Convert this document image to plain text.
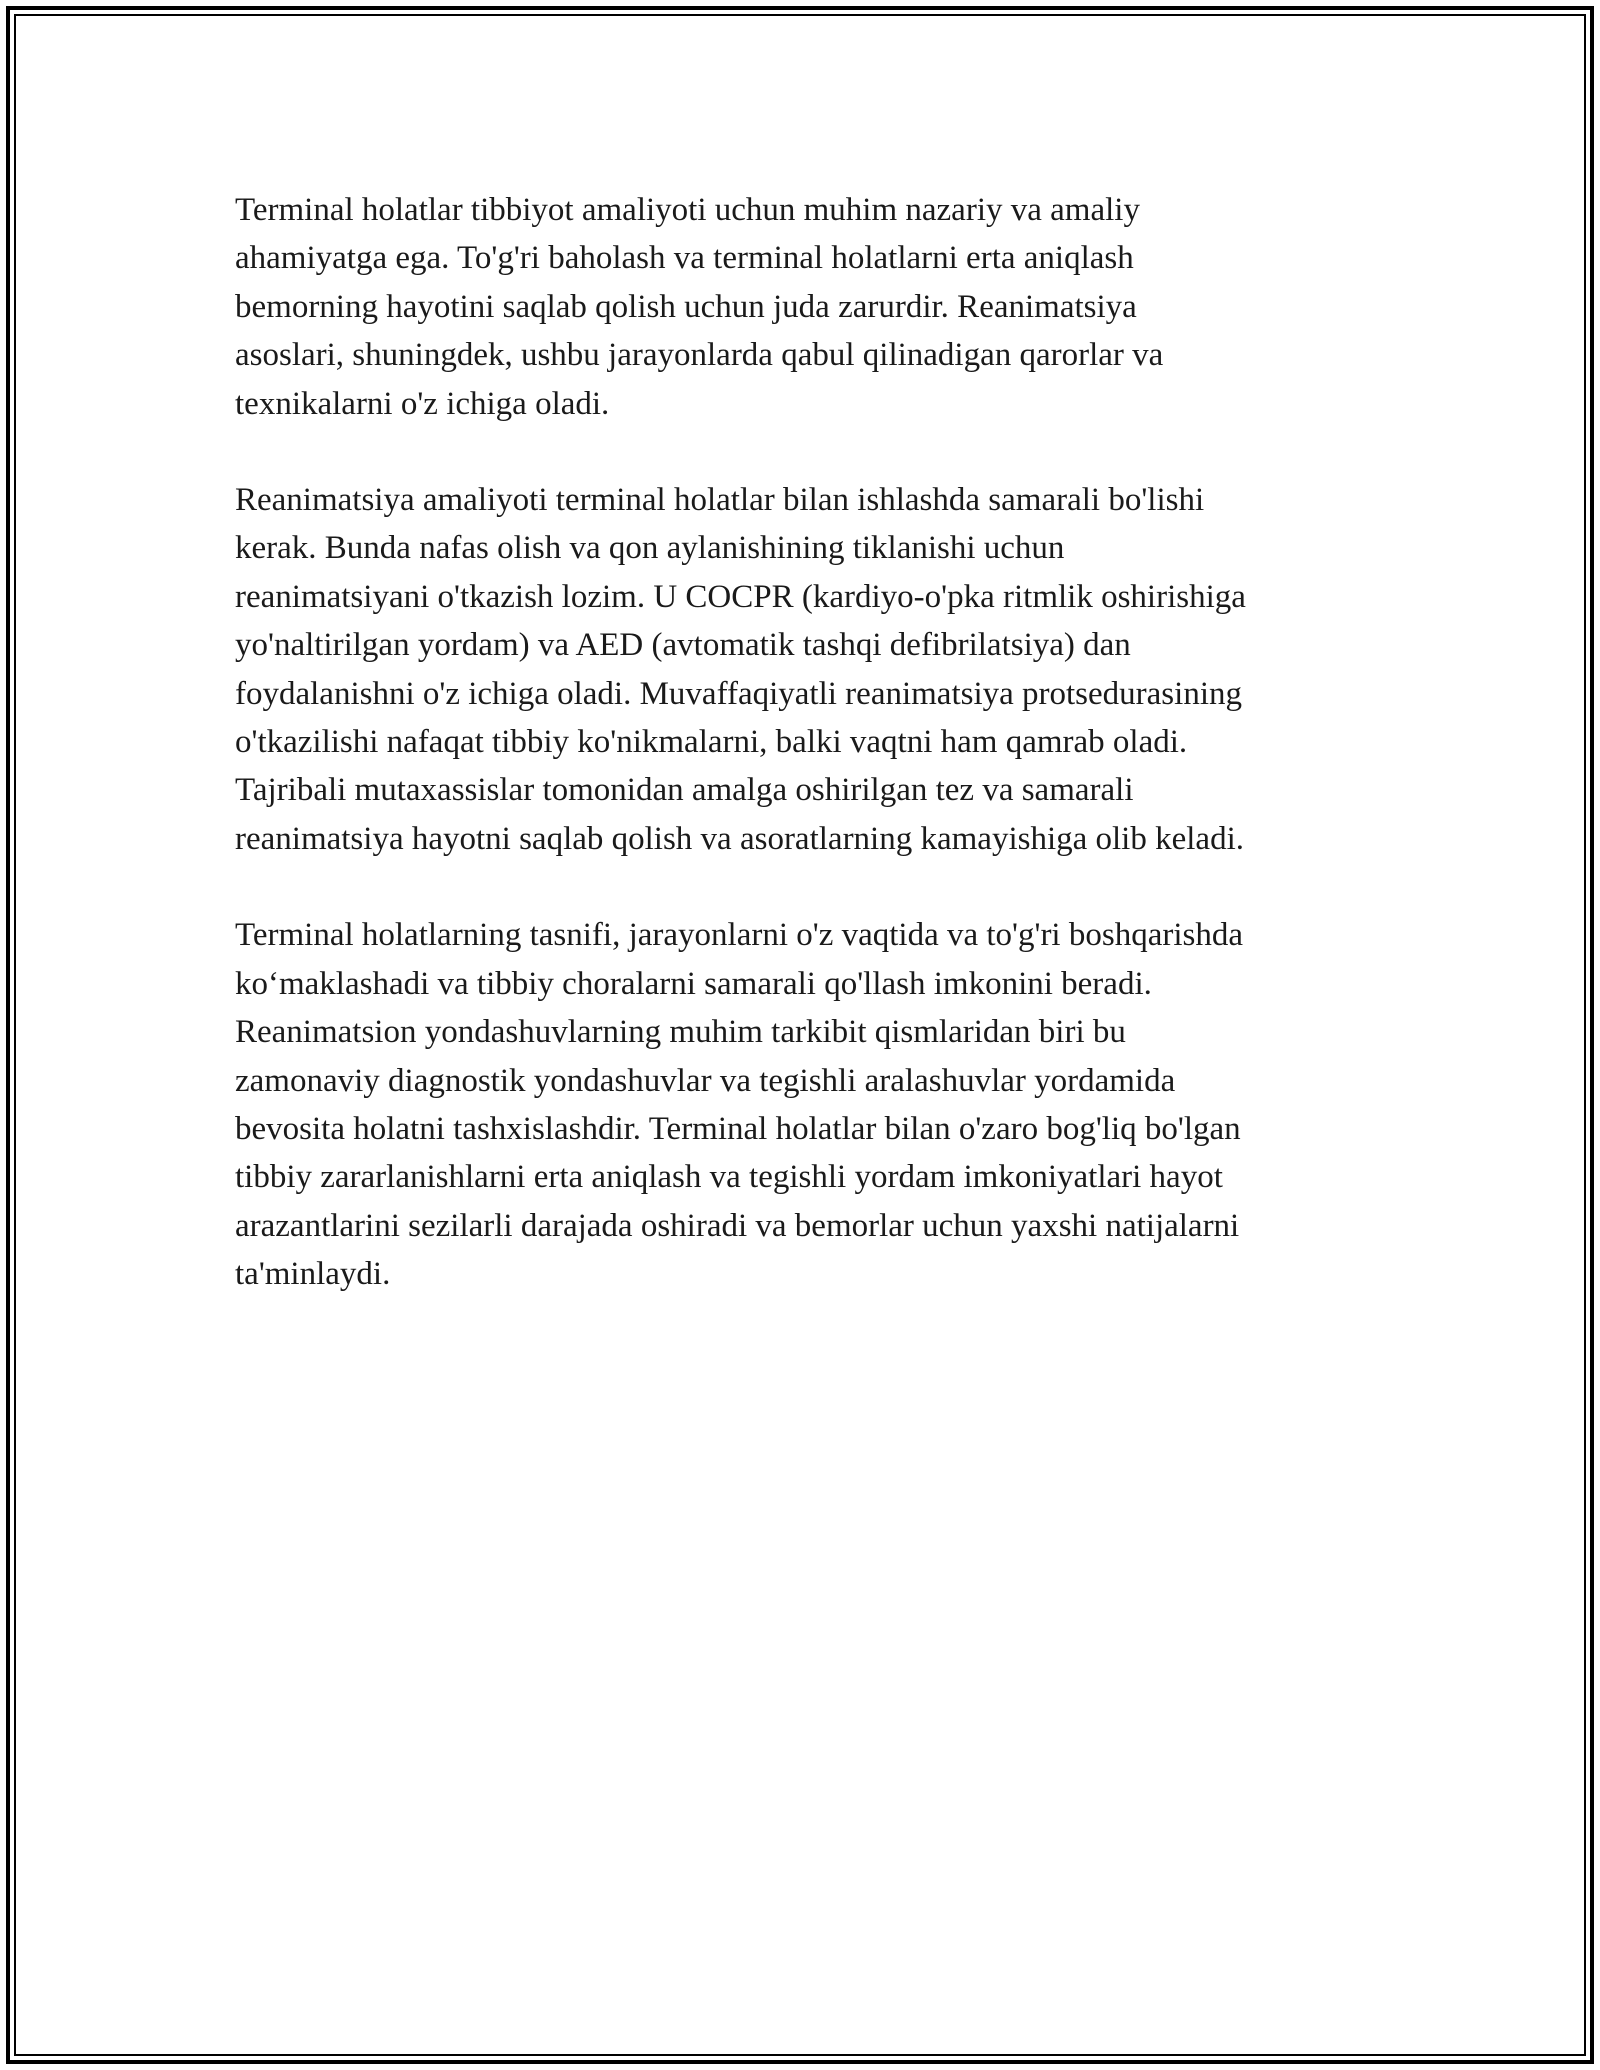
Terminal holatlar tibbiyot amaliyoti uchun muhim nazariy va amaliy
ahamiyatga ega. To'g'ri baholash va terminal holatlarni erta aniqlash
bemorning hayotini saqlab qolish uchun juda zarurdir. Reanimatsiya
asoslari, shuningdek, ushbu jarayonlarda qabul qilinadigan qarorlar va
texnikalarni o'z ichiga oladi.

Reanimatsiya amaliyoti terminal holatlar bilan ishlashda samarali bo'lishi
kerak. Bunda nafas olish va qon aylanishining tiklanishi uchun
reanimatsiyani o'tkazish lozim. U COCPR (kardiyo-o'pka ritmlik oshirishiga
yo'naltirilgan yordam) va AED (avtomatik tashqi defibrilatsiya) dan
foydalanishni o'z ichiga oladi. Muvaffaqiyatli reanimatsiya protsedurasining
o'tkazilishi nafaqat tibbiy ko'nikmalarni, balki vaqtni ham qamrab oladi.
Tajribali mutaxassislar tomonidan amalga oshirilgan tez va samarali
reanimatsiya hayotni saqlab qolish va asoratlarning kamayishiga olib keladi.

Terminal holatlarning tasnifi, jarayonlarni o'z vaqtida va to'g'ri boshqarishda
ko‘maklashadi va tibbiy choralarni samarali qo'llash imkonini beradi.
Reanimatsion yondashuvlarning muhim tarkibit qismlaridan biri bu
zamonaviy diagnostik yondashuvlar va tegishli aralashuvlar yordamida
bevosita holatni tashxislashdir. Terminal holatlar bilan o'zaro bog'liq bo'lgan
tibbiy zararlanishlarni erta aniqlash va tegishli yordam imkoniyatlari hayot
arazantlarini sezilarli darajada oshiradi va bemorlar uchun yaxshi natijalarni
ta'minlaydi.
